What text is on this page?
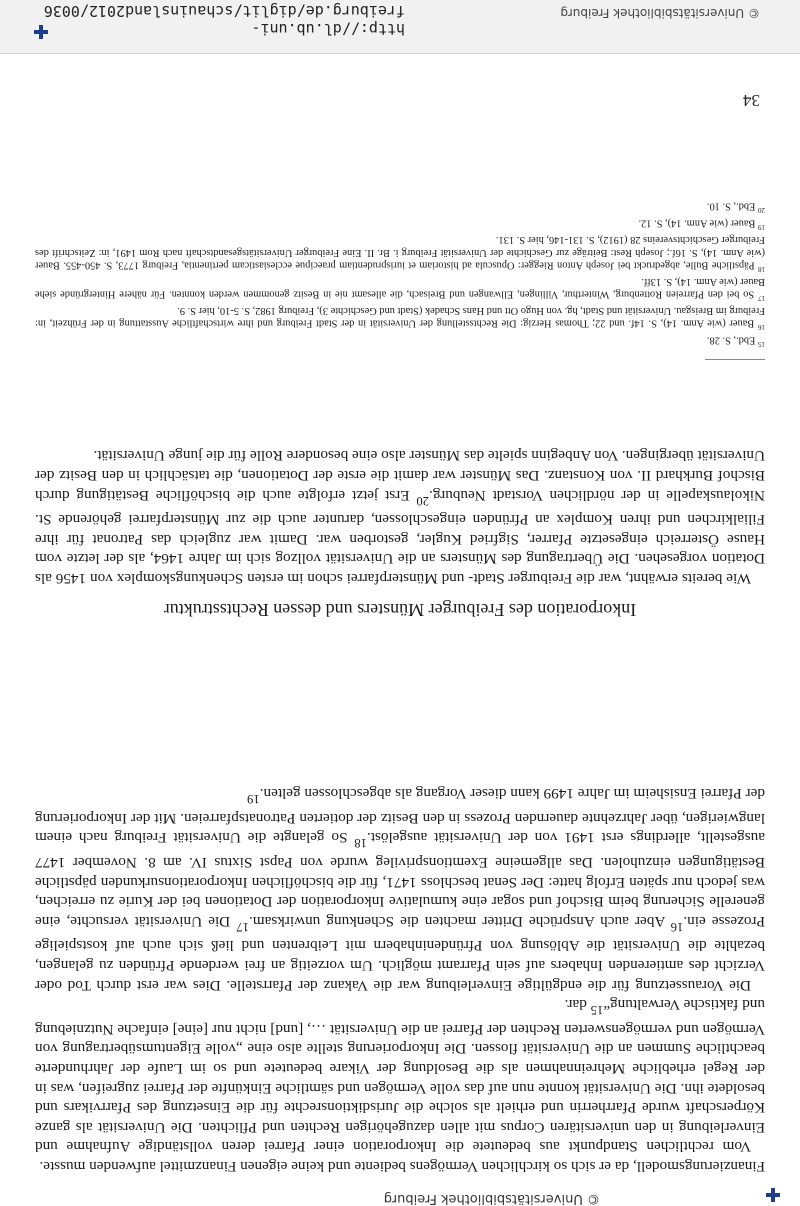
© Universitätsbibliothek Freiburg
http://dl.ub.uni-freiburg.de/diglit/schauinsland2012/0036	© Universitätsbibliothek Freiburg

Finanzierungsmodell, da er sich so kirchlichen Vermögens bediente und keine eigenen Finanzmittel aufwenden musste.

Vom rechtlichen Standpunkt aus bedeutete die Inkorporation einer Pfarrei deren vollständige Aufnahme und Einverleibung in den universitären Corpus mit allen dazugehörigen Rechten und Pflichten. Die Universität als ganze Körperschaft wurde Pfarrherrin und erhielt als solche die Jurisdiktionsrechte für die Einsetzung des Pfarrvikars und besoldete ihn. Die Universität konnte nun auf das volle Vermögen und sämtliche Einkünfte der Pfarrei zugreifen, was in der Regel erhebliche Mehreinnahmen als die Besoldung der Vikare bedeutete und so im Laufe der Jahrhunderte beachtliche Summen an die Universität flossen. Die Inkorporierung stellte also eine „volle Eigentumsübertragung von Vermögen und vermögenswerten Rechten der Pfarrei an die Universität …, [und] nicht nur [eine] einfache Nutzniebung und faktische Verwaltung“$^{15}$ dar.

Die Voraussetzung für die endgültige Einverleibung war die Vakanz der Pfarrstelle. Dies war erst durch Tod oder Verzicht des amtierenden Inhabers auf sein Pfarramt möglich. Um vorzeitig an frei werdende Pfründen zu gelangen, bezahlte die Universität die Ablösung von Pfründeninhabern mit Leibrenten und ließ sich auch auf kostspielige Prozesse ein.$^{16}$ Aber auch Ansprüche Dritter machten die Schenkung unwirksam.$^{17}$ Die Universität versuchte, eine generelle Sicherung beim Bischof und sogar eine kumulative Inkorporation der Dotationen bei der Kurie zu erreichen, was jedoch nur späten Erfolg hatte: Der Senat beschloss 1471, für die bischöflichen Inkorporationsurkunden päpstliche Bestätigungen einzuholen. Das allgemeine Exemtionsprivileg wurde von Papst Sixtus IV. am 8. November 1477 ausgestellt, allerdings erst 1491 von der Universität ausgelöst.$^{18}$ So gelangte die Universität Freiburg nach einem langwierigen, über Jahrzehnte dauernden Prozess in den Besitz der dotierten Patronatspfarreien. Mit der Inkorporierung der Pfarrei Ensisheim im Jahre 1499 kann dieser Vorgang als abgeschlossen gelten.$^{19}$

Inkorporation des Freiburger Münsters und dessen Rechtsstruktur

Wie bereits erwähnt, war die Freiburger Stadt- und Münsterpfarrei schon im ersten Schenkungskomplex von 1456 als Dotation vorgesehen. Die Übertragung des Münsters an die Universität vollzog sich im Jahre 1464, als der letzte vom Hause Österreich eingesetzte Pfarrer, Sigfried Kugler, gestorben war. Damit war zugleich das Patronat für ihre Filialkirchen und ihren Komplex an Pfründen eingeschlossen, darunter auch die zur Münsterpfarrei gehörende St. Nikolauskapelle in der nördlichen Vorstadt Neuburg.$^{20}$ Erst jetzt erfolgte auch die bischöfliche Bestätigung durch Bischof Burkhard II. von Konstanz. Das Münster war damit die erste der Dotationen, die tatsächlich in den Besitz der Universität übergingen. Von Anbeginn spielte das Münster also eine besondere Rolle für die junge Universität.

$^{15}$ Ebd., S. 28.

$^{16}$ Bauer (wie Anm. 14), S. 14f. und 22; Thomas Herzig: Die Rechtsstellung der Universität in der Stadt Freiburg und ihre wirtschaftliche Ausstattung in der Frühzeit, in: Freiburg im Breisgau. Universität und Stadt, hg. von Hugo Ott und Hans Schadek (Stadt und Geschichte 3), Freiburg 1982, S. 5-10, hier S. 9.

$^{17}$ So bei den Pfarreien Rottenburg, Winterthur, Villingen, Ellwangen und Breisach, die allesamt nie in Besitz genommen werden konnten. Für nähere Hintergründe siehe Bauer (wie Anm. 14), S. 13ff.

$^{18}$ Päpstliche Bulle, abgedruckt bei Joseph Anton Riegger: Opuscula ad historiam et iurisprudentiam praecipue ecclesiasticam pertinentia, Freiburg 1773, S. 450-455. Bauer (wie Anm. 14), S. 16f.; Joseph Rest: Beiträge zur Geschichte der Universität Freiburg i. Br. II. Eine Freiburger Universitätsgesandtschaft nach Rom 1491, in: Zeitschrift des Freiburger Geschichtsvereins 28 (1912), S. 131-146, hier S. 131.

$^{19}$ Bauer (wie Anm. 14), S. 12.

$^{20}$ Ebd., S. 10.

34
